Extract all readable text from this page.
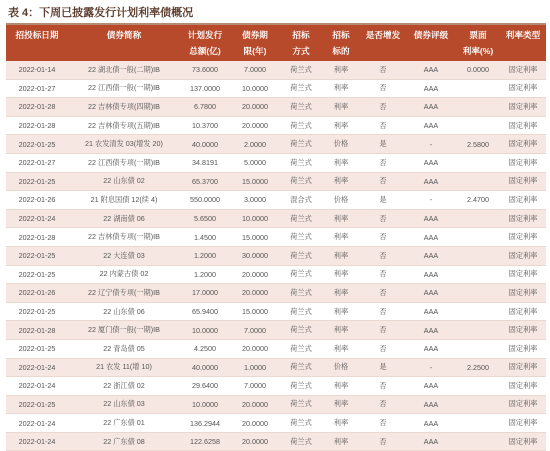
表 4：下周已披露发行计划利率债概况
招投标日期	债券简称	计划发行	债券期	招标	招标	是否增发	债券评级	票面	利率类型
		总额(亿)	限(年)	方式	标的			利率(%)	
2022-01-14	22 湖北债一般(二期)IB	73.6000	7.0000	荷兰式	利率	否	AAA	0.0000	固定利率
2022-01-27	22 江西债一般(一期)IB	137.0000	10.0000	荷兰式	利率	否	AAA		固定利率
2022-01-28	22 吉林债专项(四期)IB	6.7800	20.0000	荷兰式	利率	否	AAA		固定利率
2022-01-28	22 吉林债专项(五期)IB	10.3700	20.0000	荷兰式	利率	否	AAA		固定利率
2022-01-25	21 农发清发 03(增发 20)	40.0000	2.0000	荷兰式	价格	是	-	2.5800	固定利率
2022-01-27	22 江西债专项(一期)IB	34.8191	5.0000	荷兰式	利率	否	AAA		固定利率
2022-01-25	22 山东债 02	65.3700	15.0000	荷兰式	利率	否	AAA		固定利率
2022-01-26	21 附息国债 12(续 4)	550.0000	3.0000	混合式	价格	是	-	2.4700	固定利率
2022-01-24	22 湖南债 06	5.6500	10.0000	荷兰式	利率	否	AAA		固定利率
2022-01-28	22 吉林债专项(一期)IB	1.4500	15.0000	荷兰式	利率	否	AAA		固定利率
2022-01-25	22 大连债 03	1.2000	30.0000	荷兰式	利率	否	AAA		固定利率
2022-01-25	22 内蒙古债 02	1.2000	20.0000	荷兰式	利率	否	AAA		固定利率
2022-01-26	22 辽宁债专项(一期)IB	17.0000	20.0000	荷兰式	利率	否	AAA		固定利率
2022-01-25	22 山东债 06	65.9400	15.0000	荷兰式	利率	否	AAA		固定利率
2022-01-28	22 厦门债一般(一期)IB	10.0000	7.0000	荷兰式	利率	否	AAA		固定利率
2022-01-25	22 青岛债 05	4.2500	20.0000	荷兰式	利率	否	AAA		固定利率
2022-01-24	21 农发 11(增 10)	40.0000	1.0000	荷兰式	价格	是	-	2.2500	固定利率
2022-01-24	22 浙江债 02	29.6400	7.0000	荷兰式	利率	否	AAA		固定利率
2022-01-25	22 山东债 03	10.0000	20.0000	荷兰式	利率	否	AAA		固定利率
2022-01-24	22 广东债 01	136.2944	20.0000	荷兰式	利率	否	AAA		固定利率
2022-01-24	22 广东债 08	122.6258	20.0000	荷兰式	利率	否	AAA		固定利率
